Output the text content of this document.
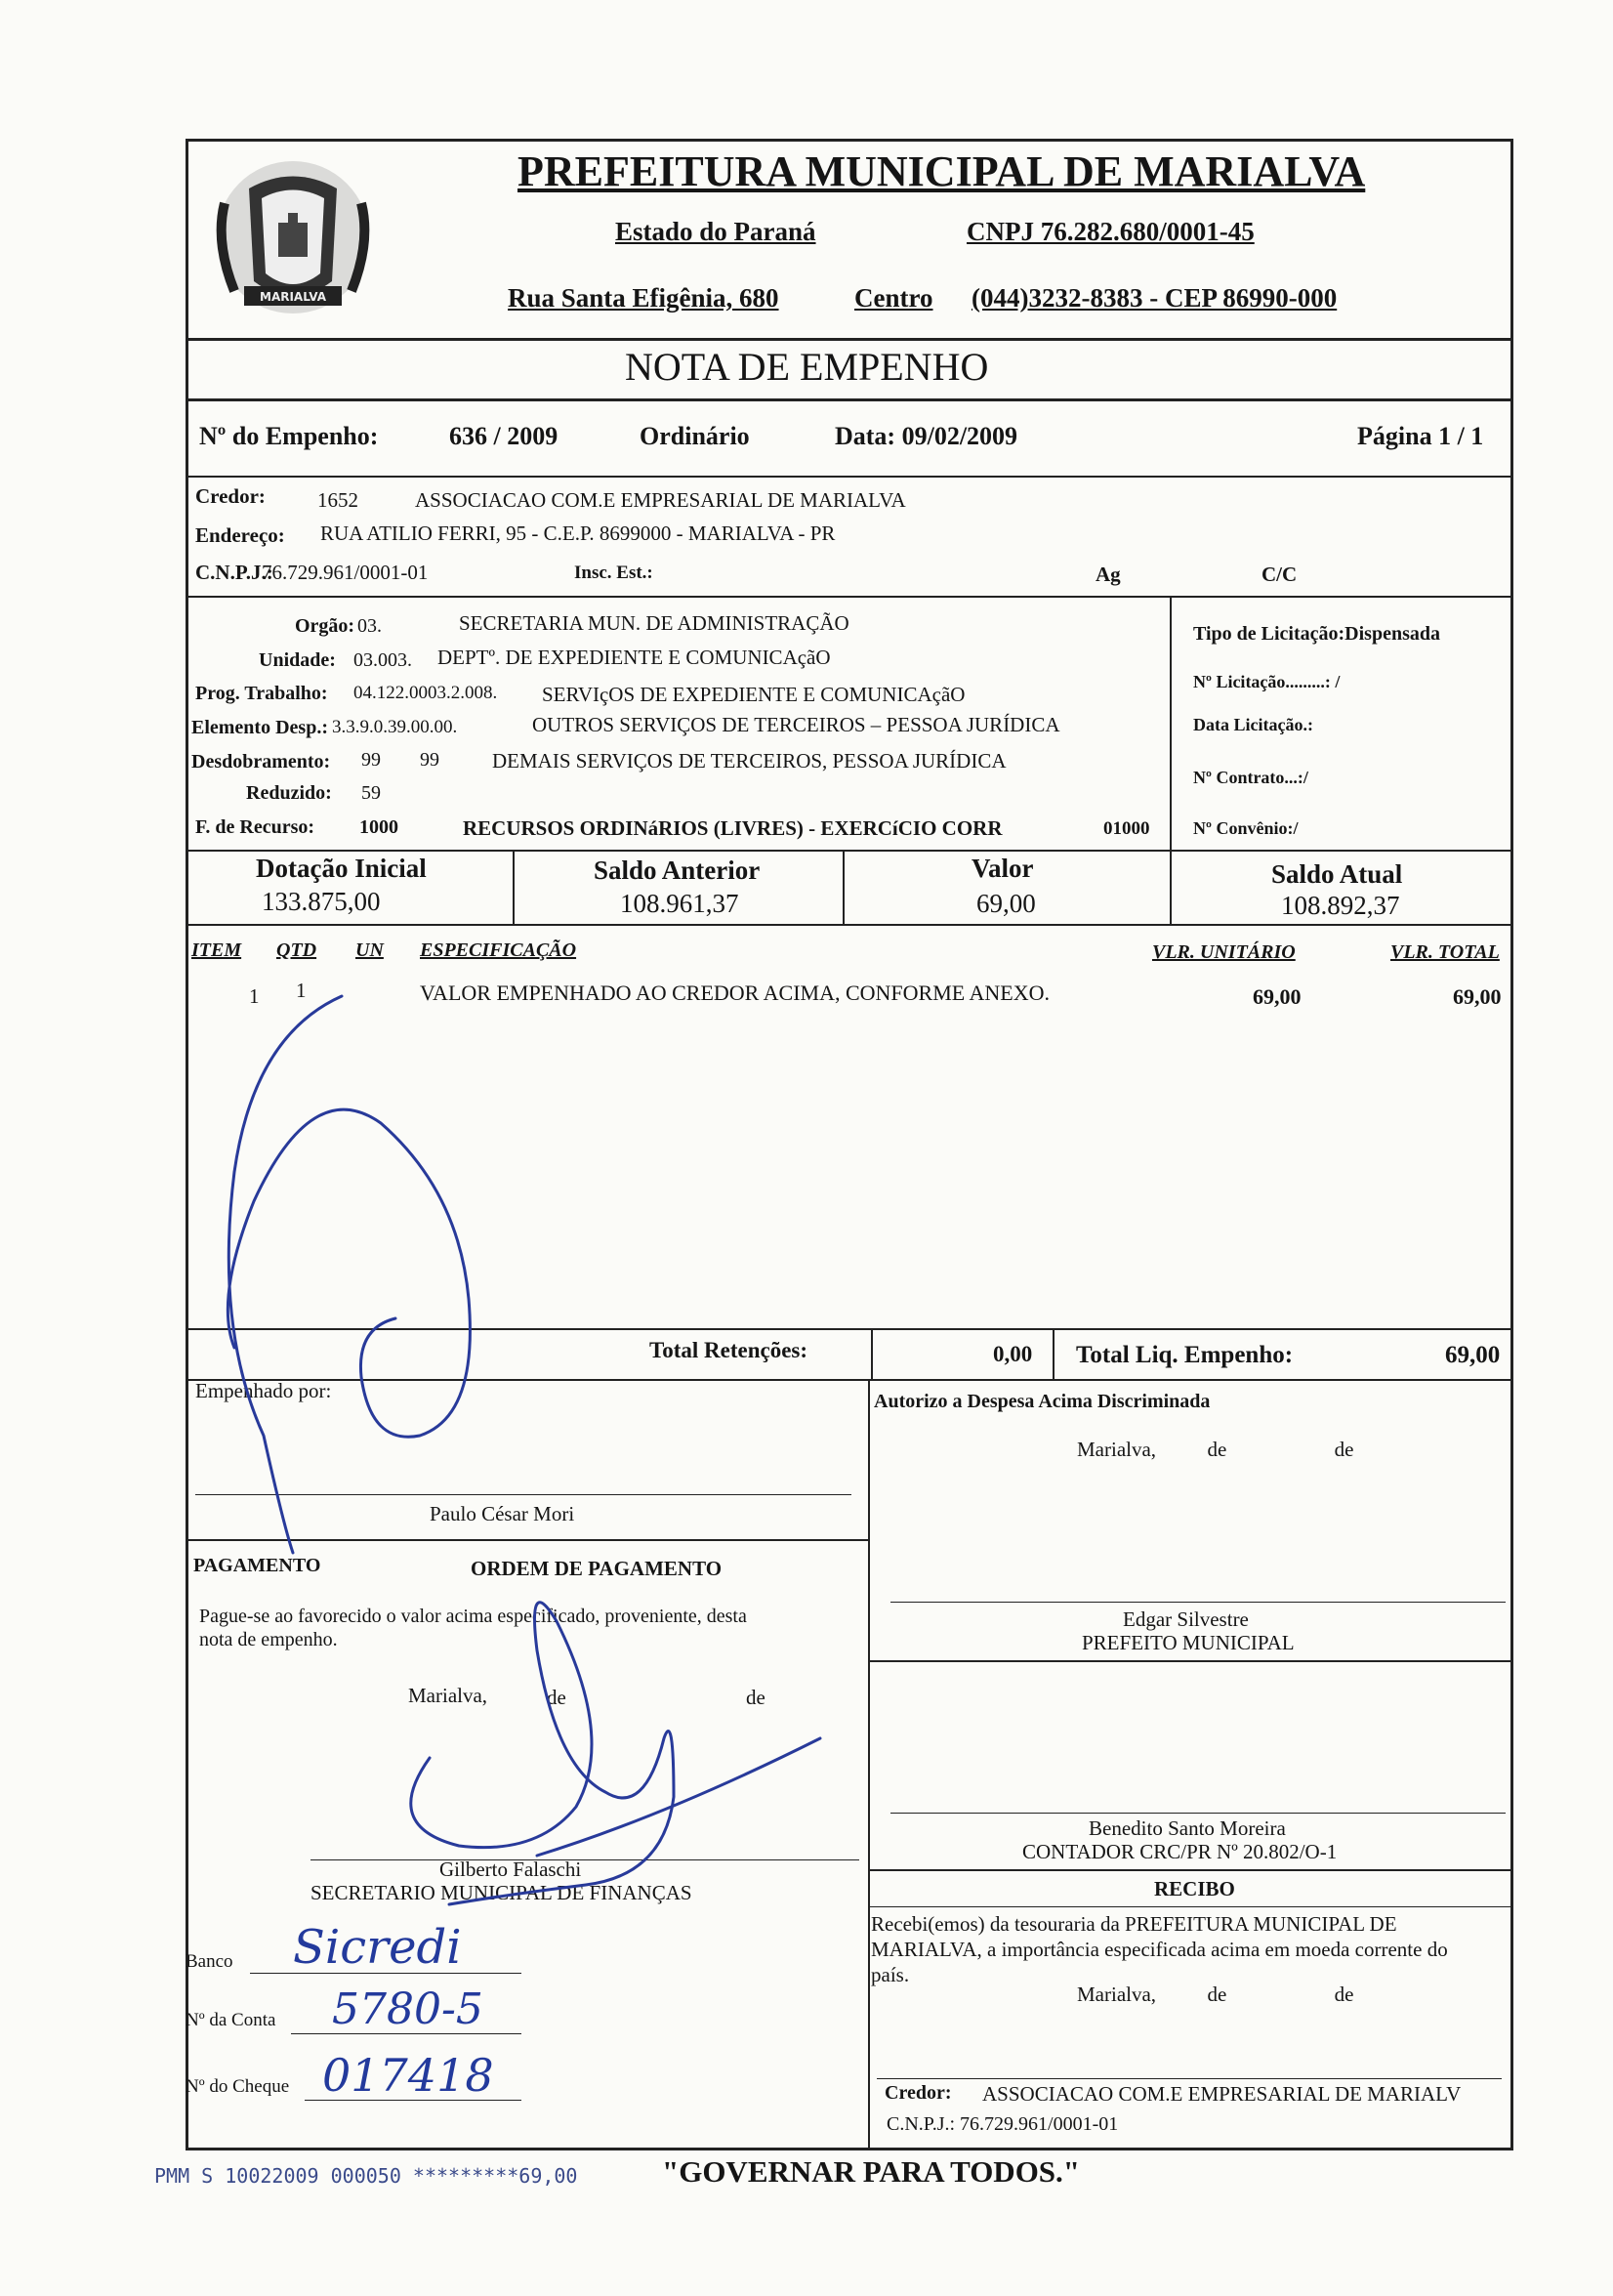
MARIALVA
PREFEITURA MUNICIPAL DE MARIALVA
Estado do Paraná	CNPJ 76.282.680/0001-45
Rua Santa Efigênia, 680	Centro (044)3232-8383 - CEP 86990-000
NOTA DE EMPENHO
Nº do Empenho:	636 / 2009	Ordinário	Data: 09/02/2009	Página 1 / 1
Credor:	1652	ASSOCIACAO COM.E EMPRESARIAL DE MARIALVA
Endereço: RUA ATILIO FERRI, 95 - C.E.P. 8699000 - MARIALVA - PR
C.N.P.J.:
76.729.961/0001-01	Insc. Est.:	Ag	C/C
Orgão: 03.	SECRETARIA MUN. DE ADMINISTRAÇÃO
Unidade: 03.003. DEPTº. DE EXPEDIENTE E COMUNICAçãO
Prog. Trabalho: 04.122.0003.2.008. SERVIçOS DE EXPEDIENTE E COMUNICAçãO
Elemento Desp.: 3.3.9.0.39.00.00.	OUTROS SERVIÇOS DE TERCEIROS – PESSOA JURÍDICA
Desdobramento: 99 99	DEMAIS SERVIÇOS DE TERCEIROS, PESSOA JURÍDICA
Reduzido: 59
F. de Recurso: 1000	RECURSOS ORDINáRIOS (LIVRES) - EXERCíCIO CORR	01000
Tipo de Licitação:Dispensada
Nº Licitação.........: /
Data Licitação.:
Nº Contrato...:/
Nº Convênio:/
Dotação Inicial
133.875,00
Saldo Anterior
108.961,37
Valor
69,00
Saldo Atual
108.892,37
ITEM QTD UN ESPECIFICAÇÃO	VLR. UNITÁRIO	VLR. TOTAL
1 1	VALOR EMPENHADO AO CREDOR ACIMA, CONFORME ANEXO.	69,00	69,00
Total Retenções:	0,00 Total Liq. Empenho:	69,00
Empenhado por:
Paulo César Mori
Autorizo a Despesa Acima Discriminada
Marialva,          de                     de
Edgar Silvestre
PREFEITO MUNICIPAL
Benedito Santo Moreira
CONTADOR CRC/PR Nº 20.802/O-1
PAGAMENTO	ORDEM DE PAGAMENTO
Pague-se ao favorecido o valor acima especificado, proveniente, desta
nota de empenho.
Marialva,	de	de
Gilberto Falaschi
SECRETARIO MUNICIPAL DE FINANÇAS
Banco Sicredi
Nº da Conta 5780-5
Nº do Cheque 017418
RECIBO
Recebi(emos) da tesouraria da PREFEITURA MUNICIPAL DE
MARIALVA, a importância especificada acima em moeda corrente do
país.
Marialva,          de                     de
Credor: ASSOCIACAO COM.E EMPRESARIAL DE MARIALV
C.N.P.J.: 76.729.961/0001-01
PMM S 10022009 000050 *********69,00	"GOVERNAR PARA TODOS."
